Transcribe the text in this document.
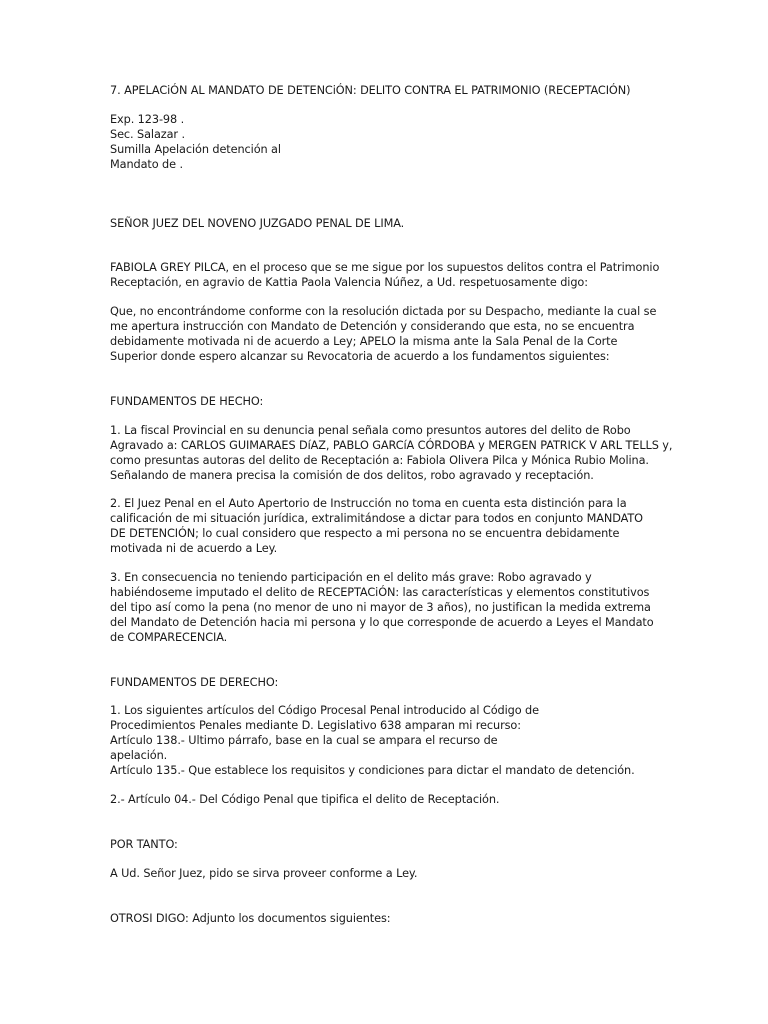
7. APELACiÓN AL MANDATO DE DETENCiÓN: DELITO CONTRA EL PATRIMONIO (RECEPTACIÓN)
Exp. 123-98 .
Sec. Salazar .
Sumilla Apelación detención al
Mandato de .
SEÑOR JUEZ DEL NOVENO JUZGADO PENAL DE LIMA.
FABIOLA GREY PILCA, en el proceso que se me sigue por los supuestos delitos contra el Patrimonio
Receptación, en agravio de Kattia Paola Valencia Núñez, a Ud. respetuosamente digo:
Que, no encontrándome conforme con la resolución dictada por su Despacho, mediante la cual se
me apertura instrucción con Mandato de Detención y considerando que esta, no se encuentra
debidamente motivada ni de acuerdo a Ley; APELO la misma ante la Sala Penal de la Corte
Superior donde espero alcanzar su Revocatoria de acuerdo a los fundamentos siguientes:
FUNDAMENTOS DE HECHO:
1. La fiscal Provincial en su denuncia penal señala como presuntos autores del delito de Robo
Agravado a: CARLOS GUIMARAES DíAZ, PABLO GARCíA CÓRDOBA y MERGEN PATRICK V ARL TELLS y,
como presuntas autoras del delito de Receptación a: Fabiola Olivera Pilca y Mónica Rubio Molina.
Señalando de manera precisa la comisión de dos delitos, robo agravado y receptación.
2. El Juez Penal en el Auto Apertorio de Instrucción no toma en cuenta esta distinción para la
calificación de mi situación jurídica, extralimitándose a dictar para todos en conjunto MANDATO
DE DETENCIÓN; lo cual considero que respecto a mi persona no se encuentra debidamente
motivada ni de acuerdo a Ley.
3. En consecuencia no teniendo participación en el delito más grave: Robo agravado y
habiéndoseme imputado el delito de RECEPTACiÓN: las características y elementos constitutivos
del tipo así como la pena (no menor de uno ni mayor de 3 años), no justifican la medida extrema
del Mandato de Detención hacia mi persona y lo que corresponde de acuerdo a Leyes el Mandato
de COMPARECENCIA.
FUNDAMENTOS DE DERECHO:
1. Los siguientes artículos del Código Procesal Penal introducido al Código de
Procedimientos Penales mediante D. Legislativo 638 amparan mi recurso:
Artículo 138.- Ultimo párrafo, base en la cual se ampara el recurso de
apelación.
Artículo 135.- Que establece los requisitos y condiciones para dictar el mandato de detención.
2.- Artículo 04.- Del Código Penal que tipifica el delito de Receptación.
POR TANTO:
A Ud. Señor Juez, pido se sirva proveer conforme a Ley.
OTROSI DIGO: Adjunto los documentos siguientes:
